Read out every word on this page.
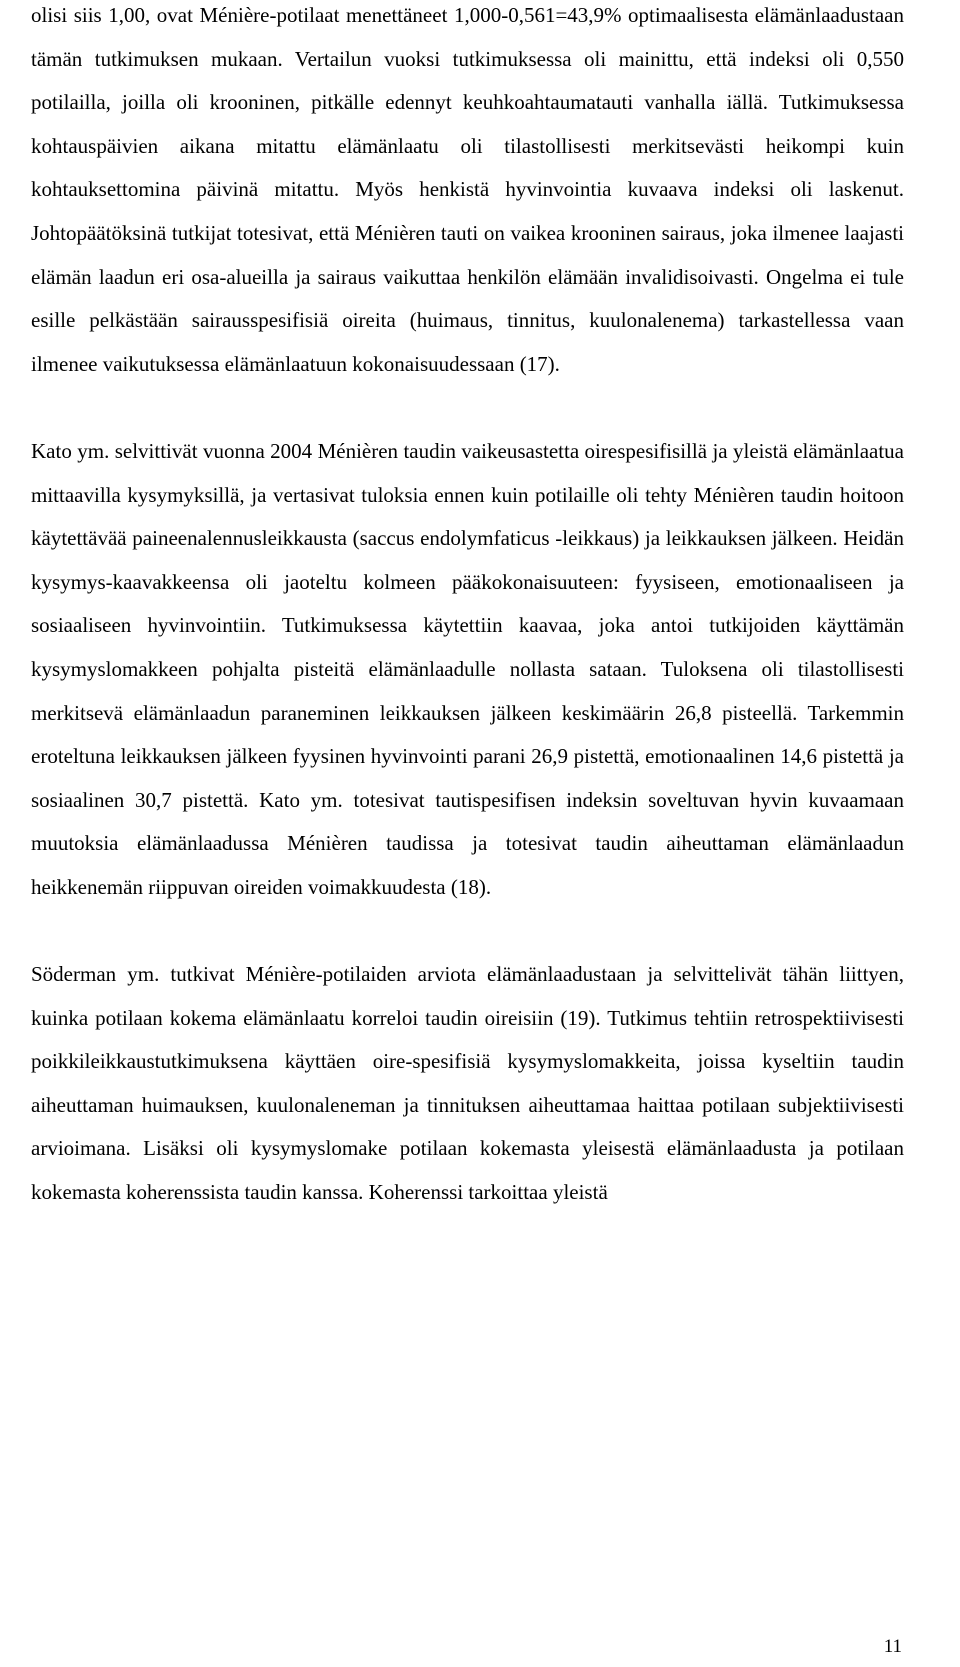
olisi siis 1,00, ovat Ménière-potilaat menettäneet 1,000-0,561=43,9% optimaalisesta elämänlaadustaan tämän tutkimuksen mukaan. Vertailun vuoksi tutkimuksessa oli mainittu, että indeksi oli 0,550 potilailla, joilla oli krooninen, pitkälle edennyt keuhkoahtaumatauti vanhalla iällä. Tutkimuksessa kohtauspäivien aikana mitattu elämänlaatu oli tilastollisesti merkitsevästi heikompi kuin kohtauksettomina päivinä mitattu. Myös henkistä hyvinvointia kuvaava indeksi oli laskenut. Johtopäätöksinä tutkijat totesivat, että Ménièren tauti on vaikea krooninen sairaus, joka ilmenee laajasti elämän laadun eri osa-alueilla ja sairaus vaikuttaa henkilön elämään invalidisoivasti. Ongelma ei tule esille pelkästään sairausspesifisiä oireita (huimaus, tinnitus, kuulonalenema) tarkastellessa vaan ilmenee vaikutuksessa elämänlaatuun kokonaisuudessaan (17).

Kato ym. selvittivät vuonna 2004 Ménièren taudin vaikeusastetta oirespesifisillä ja yleistä elämänlaatua mittaavilla kysymyksillä, ja vertasivat tuloksia ennen kuin potilaille oli tehty Ménièren taudin hoitoon käytettävää paineenalennusleikkausta (saccus endolymfaticus -leikkaus) ja leikkauksen jälkeen. Heidän kysymys-kaavakkeensa oli jaoteltu kolmeen pääkokonaisuuteen: fyysiseen, emotionaaliseen ja sosiaaliseen hyvinvointiin. Tutkimuksessa käytettiin kaavaa, joka antoi tutkijoiden käyttämän kysymyslomakkeen pohjalta pisteitä elämänlaadulle nollasta sataan. Tuloksena oli tilastollisesti merkitsevä elämänlaadun paraneminen leikkauksen jälkeen keskimäärin 26,8 pisteellä. Tarkemmin eroteltuna leikkauksen jälkeen fyysinen hyvinvointi parani 26,9 pistettä, emotionaalinen 14,6 pistettä ja sosiaalinen 30,7 pistettä. Kato ym. totesivat tautispesifisen indeksin soveltuvan hyvin kuvaamaan muutoksia elämänlaadussa Ménièren taudissa ja totesivat taudin aiheuttaman elämänlaadun heikkenemän riippuvan oireiden voimakkuudesta (18).

Söderman ym. tutkivat Ménière-potilaiden arviota elämänlaadustaan ja selvittelivät tähän liittyen, kuinka potilaan kokema elämänlaatu korreloi taudin oireisiin (19). Tutkimus tehtiin retrospektiivisesti poikkileikkaustutkimuksena käyttäen oire-spesifisiä kysymyslomakkeita, joissa kyseltiin taudin aiheuttaman huimauksen, kuulonaleneman ja tinnituksen aiheuttamaa haittaa potilaan subjektiivisesti arvioimana. Lisäksi oli kysymyslomake potilaan kokemasta yleisestä elämänlaadusta ja potilaan kokemasta koherenssista taudin kanssa. Koherenssi tarkoittaa yleistä

11
